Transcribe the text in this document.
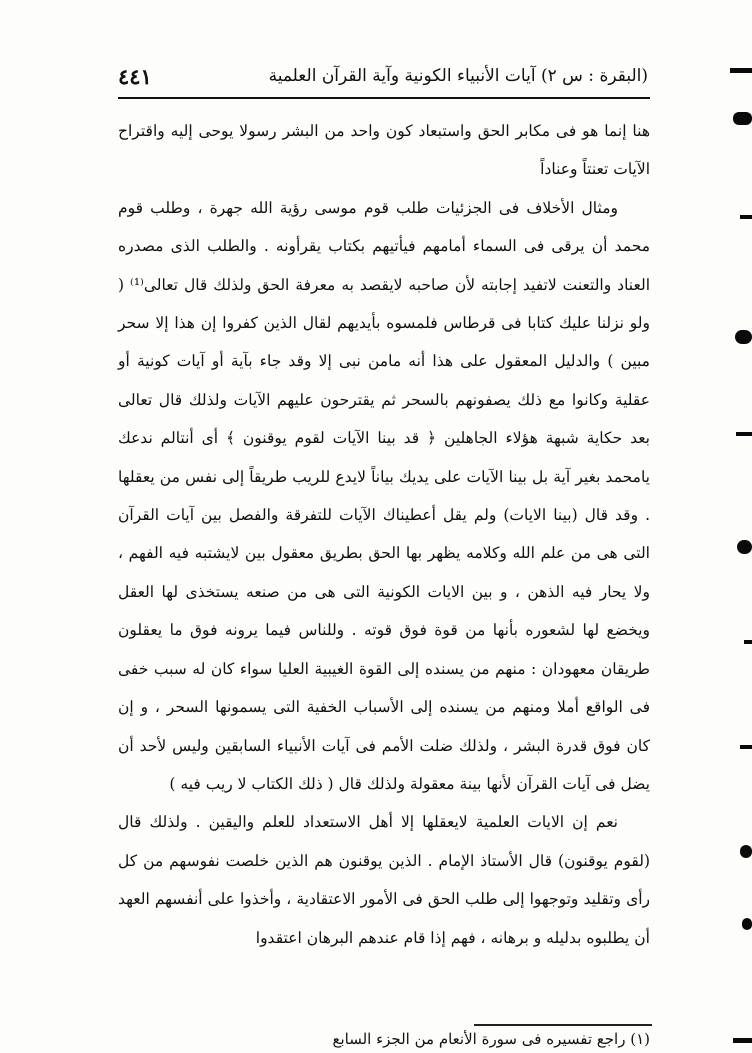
(البقرة : س ٢) آيات الأنبياء الكونية وآية القرآن العلمية
٤٤١

هنا إنما هو فى مكابر الحق واستبعاد كون واحد من البشر رسولا يوحى إليه واقتراح الآيات تعنتاً وعناداً

ومثال الأخلاف فى الجزئيات طلب قوم موسى رؤية الله جهرة ، وطلب قوم محمد أن يرقى فى السماء أمامهم فيأتيهم بكتاب يقرأونه . والطلب الذى مصدره العناد والتعنت لاتفيد إجابته لأن صاحبه لايقصد به معرفة الحق ولذلك قال تعالى⁽¹⁾ ( ولو نزلنا عليك كتابا فى قرطاس فلمسوه بأيديهم لقال الذين كفروا إن هذا إلا سحر مبين ) والدليل المعقول على هذا أنه مامن نبى إلا وقد جاء بآية أو آيات كونية أو عقلية وكانوا مع ذلك يصفونهم بالسحر ثم يقترحون عليهم الآيات ولذلك قال تعالى بعد حكاية شبهة هؤلاء الجاهلين ﴿ قد بينا الآيات لقوم يوقنون ﴾ أى أنتالم ندعك يامحمد بغير آية بل بينا الآيات على يديك بياناً لايدع للريب طريقاً إلى نفس من يعقلها . وقد قال (بينا الايات) ولم يقل أعطيناك الآيات للتفرقة والفصل بين آيات القرآن التى هى من علم الله وكلامه يظهر بها الحق بطريق معقول بين لايشتبه فيه الفهم ، ولا يحار فيه الذهن ، و بين الايات الكونية التى هى من صنعه يستخذى لها العقل ويخضع لها لشعوره بأنها من قوة فوق قوته . وللناس فيما يرونه فوق ما يعقلون طريقان معهودان : منهم من يسنده إلى القوة الغيبية العليا سواء كان له سبب خفى فى الواقع أملا ومنهم من يسنده إلى الأسباب الخفية التى يسمونها السحر ، و إن كان فوق قدرة البشر ، ولذلك ضلت الأمم فى آيات الأنبياء السابقين وليس لأحد أن يضل فى آيات القرآن لأنها بينة معقولة ولذلك قال ( ذلك الكتاب لا ريب فيه )

نعم إن الايات العلمية لايعقلها إلا أهل الاستعداد للعلم واليقين . ولذلك قال (لقوم يوقنون) قال الأستاذ الإمام . الذين يوقنون هم الذين خلصت نفوسهم من كل رأى وتقليد وتوجهوا إلى طلب الحق فى الأمور الاعتقادية ، وأخذوا على أنفسهم العهد أن يطلبوه بدليله و برهانه ، فهم إذا قام عندهم البرهان اعتقدوا

(١) راجع تفسيره فى سورة الأنعام من الجزء السابع
